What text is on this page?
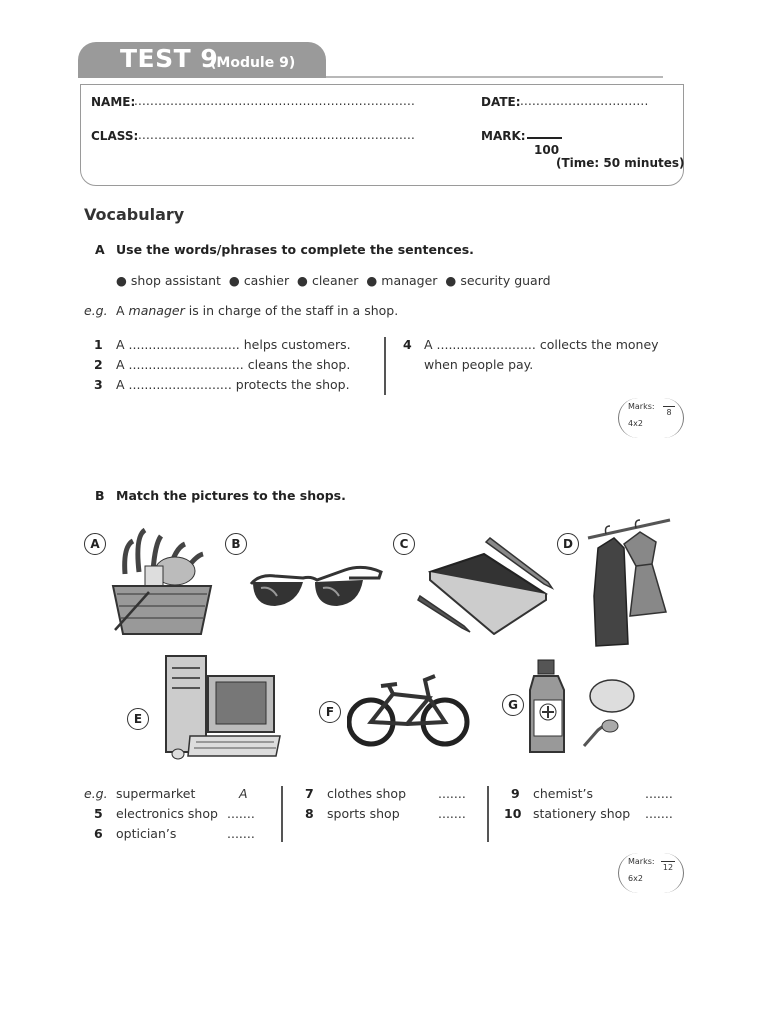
TEST 9
(Module 9)
NAME:
......................................................................	DATE: ................................
CLASS:
......................................................................	MARK:
100
(Time: 50 minutes)
Vocabulary
A Use the words/phrases to complete the sentences.
● shop assistant ● cashier ● cleaner ● manager ● security guard
e.g. A manager is in charge of the staff in a shop.
1 A ............................ helps customers.
2 A ............................. cleans the shop.
3 A .......................... protects the shop.
4 A ......................... collects the money
when people pay.
Marks:
4x2
8
B Match the pictures to the shops.
A	B	C	D
E	F	G
e.g. supermarket	A
5 electronics shop .......
6 optician’s	.......
7 clothes shop	.......
8 sports shop	.......
9 chemist’s	.......
10 stationery shop .......
Marks:
6x2
12
